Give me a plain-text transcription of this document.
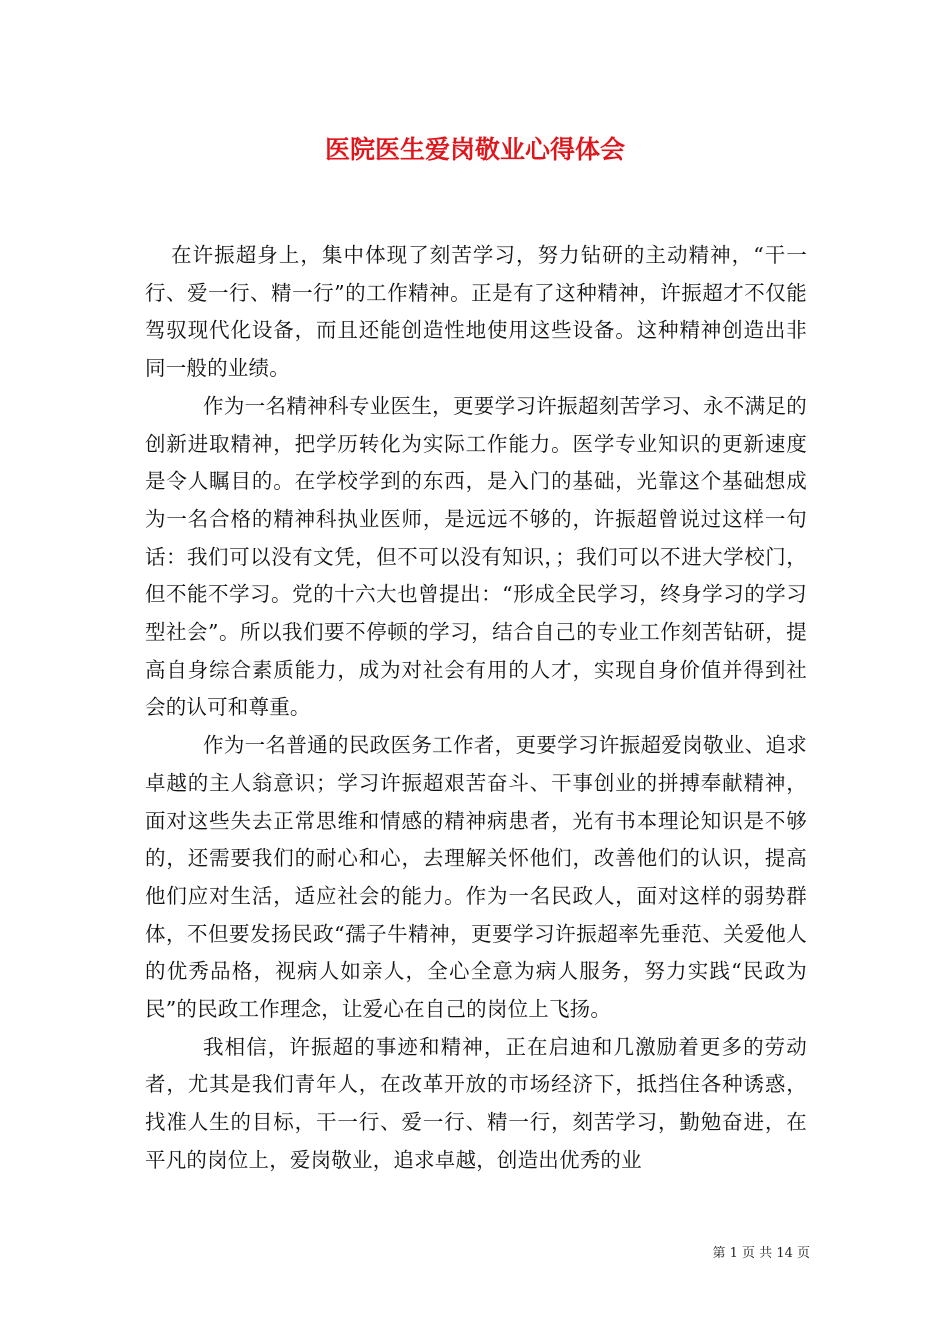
医院医生爱岗敬业心得体会

在许振超身上，集中体现了刻苦学习，努力钻研的主动精神，“干一行、爱一行、精一行”的工作精神。正是有了这种精神，许振超才不仅能驾驭现代化设备，而且还能创造性地使用这些设备。这种精神创造出非同一般的业绩。

作为一名精神科专业医生，更要学习许振超刻苦学习、永不满足的创新进取精神，把学历转化为实际工作能力。医学专业知识的更新速度是令人瞩目的。在学校学到的东西，是入门的基础，光靠这个基础想成为一名合格的精神科执业医师，是远远不够的，许振超曾说过这样一句话：我们可以没有文凭，但不可以没有知识，；我们可以不进大学校门，但不能不学习。党的十六大也曾提出：“形成全民学习，终身学习的学习型社会”。所以我们要不停顿的学习，结合自己的专业工作刻苦钻研，提高自身综合素质能力，成为对社会有用的人才，实现自身价值并得到社会的认可和尊重。

作为一名普通的民政医务工作者，更要学习许振超爱岗敬业、追求卓越的主人翁意识；学习许振超艰苦奋斗、干事创业的拼搏奉献精神，面对这些失去正常思维和情感的精神病患者，光有书本理论知识是不够的，还需要我们的耐心和心，去理解关怀他们，改善他们的认识，提高他们应对生活，适应社会的能力。作为一名民政人，面对这样的弱势群体，不但要发扬民政“孺子牛精神，更要学习许振超率先垂范、关爱他人的优秀品格，视病人如亲人，全心全意为病人服务，努力实践“民政为民”的民政工作理念，让爱心在自己的岗位上飞扬。

我相信，许振超的事迹和精神，正在启迪和几激励着更多的劳动者，尤其是我们青年人，在改革开放的市场经济下，抵挡住各种诱惑，找准人生的目标，干一行、爱一行、精一行，刻苦学习，勤勉奋进，在平凡的岗位上，爱岗敬业，追求卓越，创造出优秀的业

第 1 页 共 14 页
